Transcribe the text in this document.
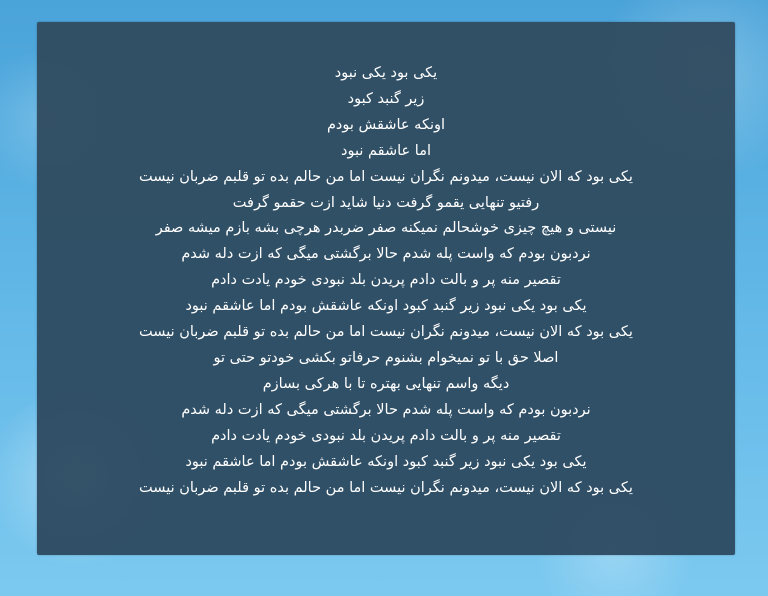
یکی بود یکی نبود
زیر گنبد کبود
اونکه عاشقش بودم
اما عاشقم نبود
یکی بود که الان نیست، میدونم نگران نیست اما من حالم بده تو قلبم ضربان نیست
رفتیو تنهایی یقمو گرفت دنیا شاید ازت حقمو گرفت
نیستی و هیچ چیزی خوشحالم نمیکنه صفر ضربدر هرچی بشه بازم میشه صفر
نردبون بودم که واست پله شدم حالا برگشتی میگی که ازت دله شدم
تقصیر منه پر و بالت دادم پریدن بلد نبودی خودم یادت دادم
یکی بود یکی نبود زیر گنبد کبود اونکه عاشقش بودم اما عاشقم نبود
یکی بود که الان نیست، میدونم نگران نیست اما من حالم بده تو قلبم ضربان نیست
اصلا حق با تو نمیخوام بشنوم حرفاتو بکشی خودتو حتی تو
دیگه واسم تنهایی بهتره تا با هرکی بسازم
نردبون بودم که واست پله شدم حالا برگشتی میگی که ازت دله شدم
تقصیر منه پر و بالت دادم پریدن بلد نبودی خودم یادت دادم
یکی بود یکی نبود زیر گنبد کبود اونکه عاشقش بودم اما عاشقم نبود
یکی بود که الان نیست، میدونم نگران نیست اما من حالم بده تو قلبم ضربان نیست
